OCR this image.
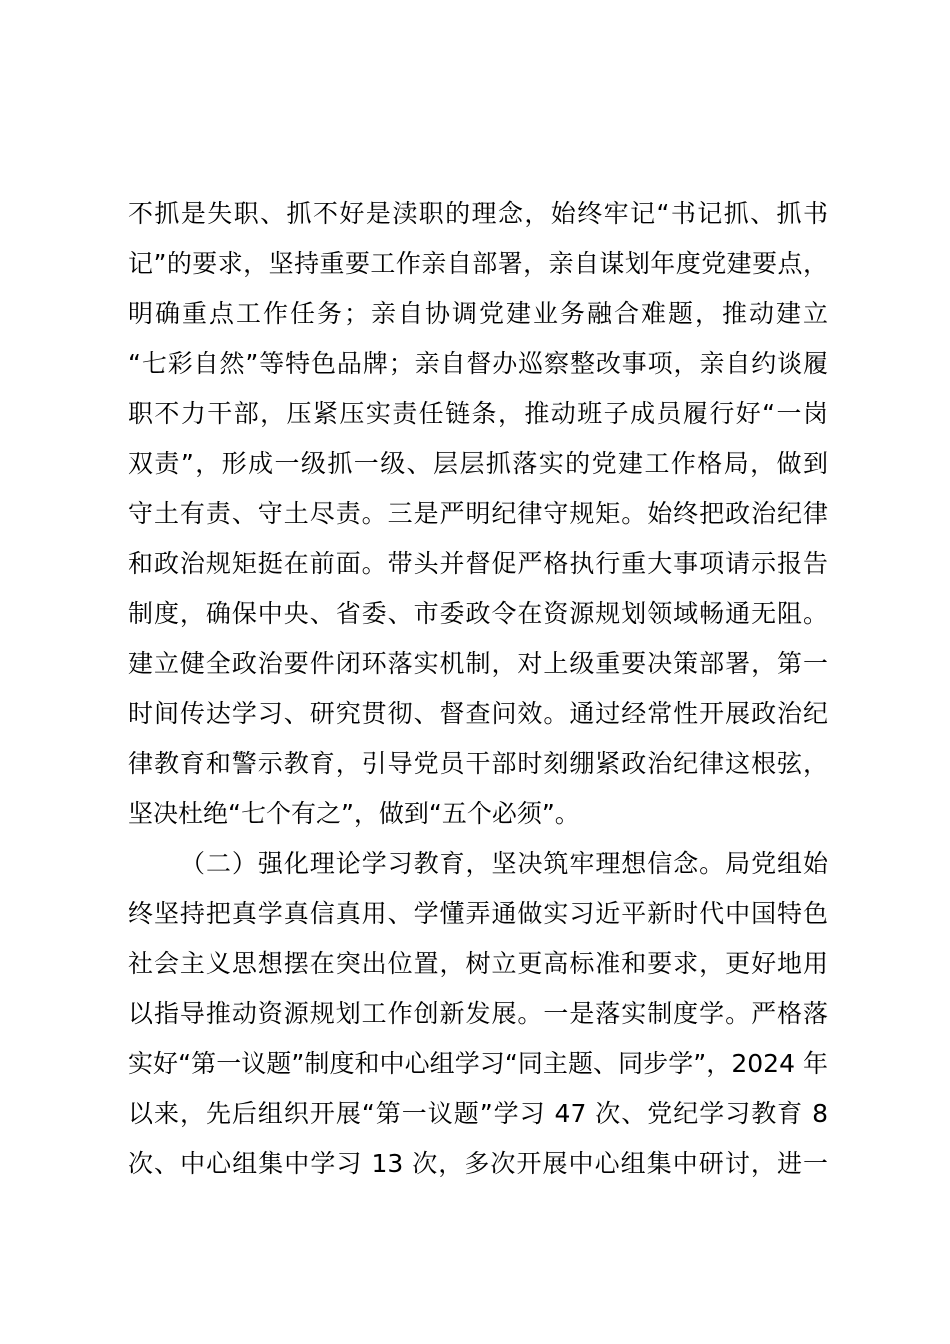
不抓是失职、抓不好是渎职的理念，始终牢记“书记抓、抓书
记”的要求，坚持重要工作亲自部署，亲自谋划年度党建要点，
明确重点工作任务；亲自协调党建业务融合难题，推动建立
“七彩自然”等特色品牌；亲自督办巡察整改事项，亲自约谈履
职不力干部，压紧压实责任链条，推动班子成员履行好“一岗
双责”，形成一级抓一级、层层抓落实的党建工作格局，做到
守土有责、守土尽责。三是严明纪律守规矩。始终把政治纪律
和政治规矩挺在前面。带头并督促严格执行重大事项请示报告
制度，确保中央、省委、市委政令在资源规划领域畅通无阻。
建立健全政治要件闭环落实机制，对上级重要决策部署，第一
时间传达学习、研究贯彻、督查问效。通过经常性开展政治纪
律教育和警示教育，引导党员干部时刻绷紧政治纪律这根弦，
坚决杜绝“七个有之”，做到“五个必须”。
（二）强化理论学习教育，坚决筑牢理想信念。局党组始
终坚持把真学真信真用、学懂弄通做实习近平新时代中国特色
社会主义思想摆在突出位置，树立更高标准和要求，更好地用
以指导推动资源规划工作创新发展。一是落实制度学。严格落
实好“第一议题”制度和中心组学习“同主题、同步学”，2024 年
以来，先后组织开展“第一议题”学习 47 次、党纪学习教育 8
次、中心组集中学习 13 次，多次开展中心组集中研讨，进一
